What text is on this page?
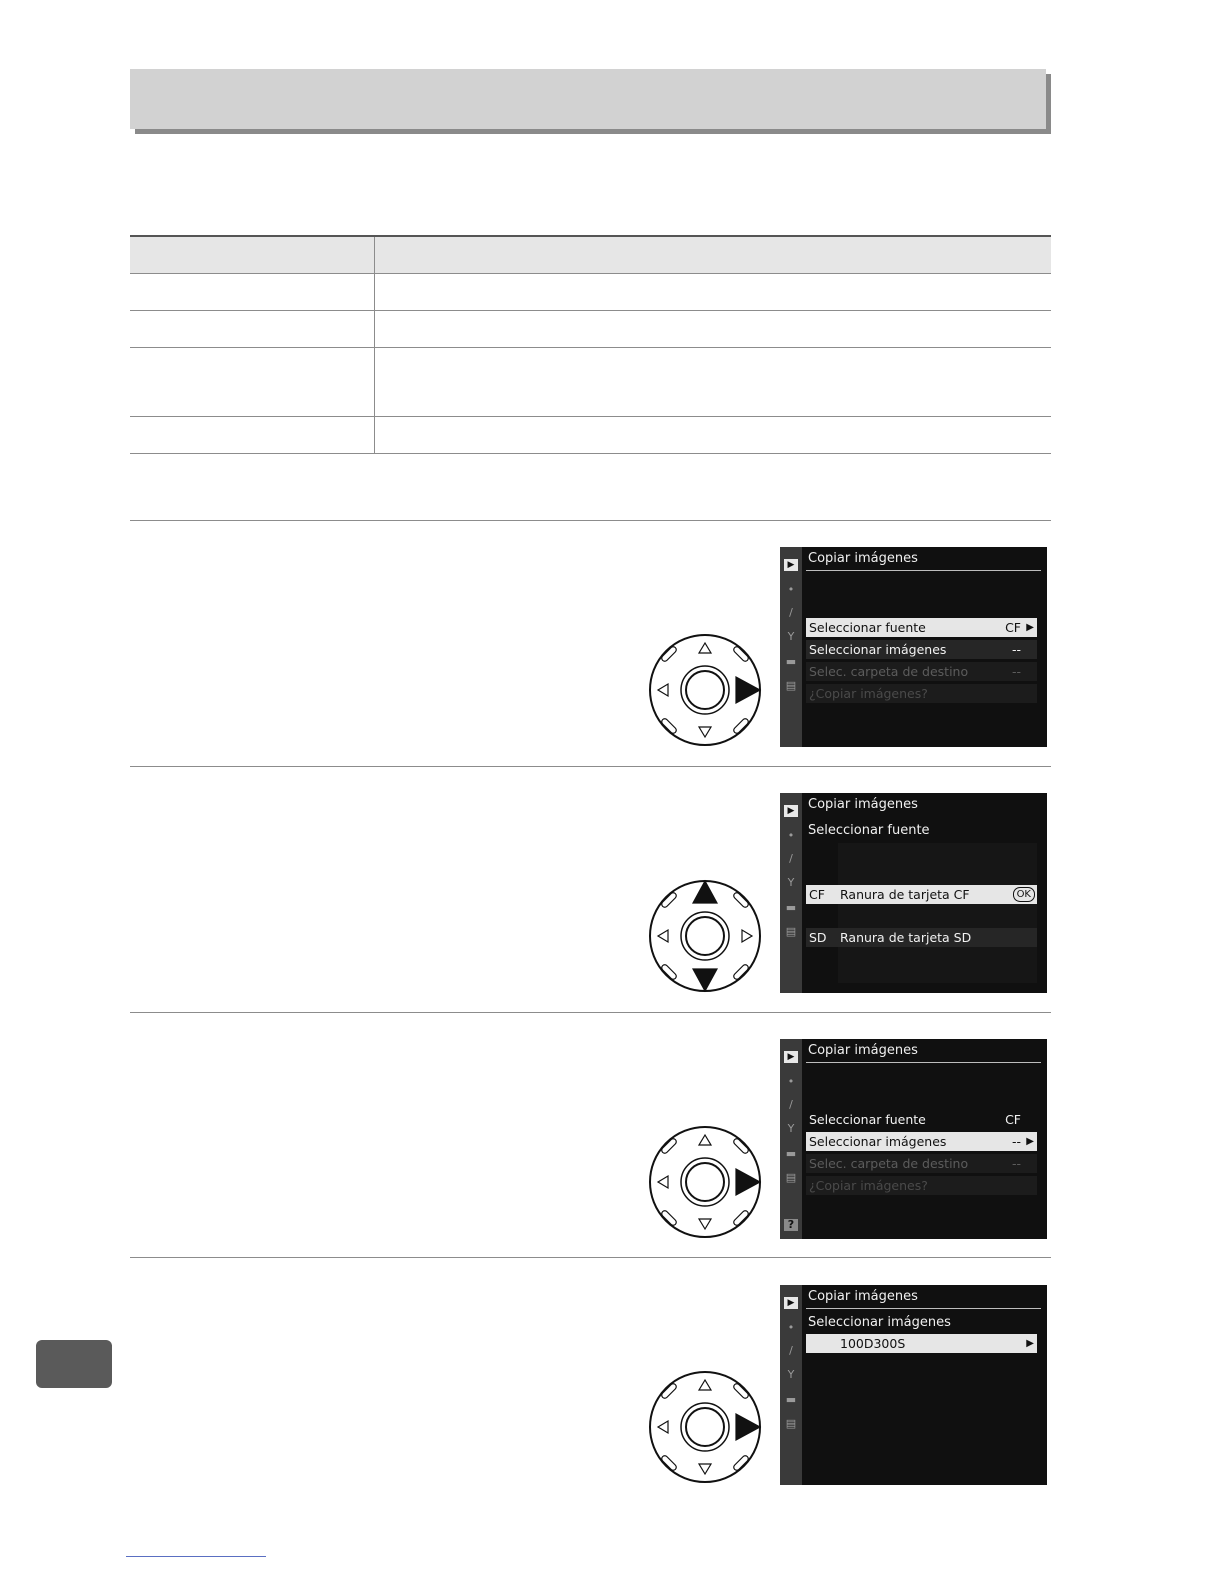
▶
•
/
Y
▬
▤
Copiar imágenes
Seleccionar fuente	CF ▶
Seleccionar imágenes	--
Selec. carpeta de destino	--
¿Copiar imágenes?
▶
•
/
Y
▬
▤
Copiar imágenes
Seleccionar fuente
CF Ranura de tarjeta CF	OK
SD Ranura de tarjeta SD
▶
•
/
Y
▬
▤
?
Copiar imágenes
Seleccionar fuente	CF
Seleccionar imágenes	-- ▶
Selec. carpeta de destino	--
¿Copiar imágenes?
▶
•
/
Y
▬
▤
Copiar imágenes
Seleccionar imágenes
100D300S	▶
